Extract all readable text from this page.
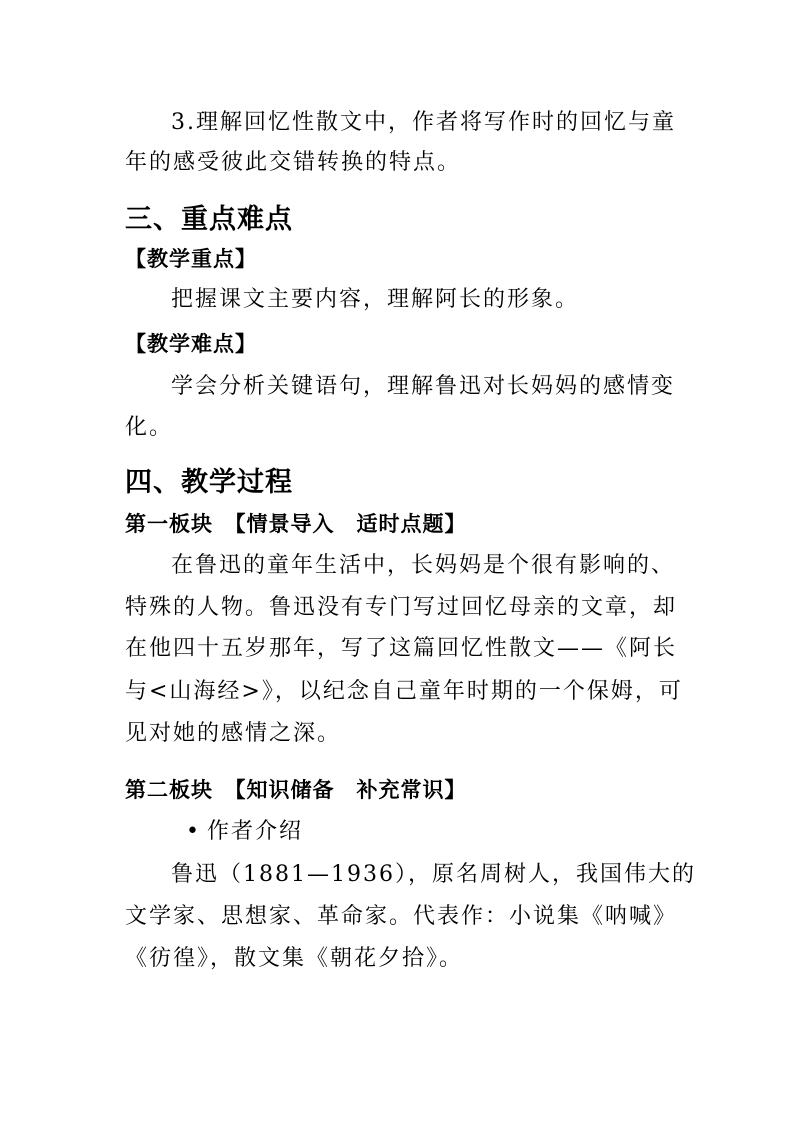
3.理解回忆性散文中，作者将写作时的回忆与童
年的感受彼此交错转换的特点。
三、重点难点
【教学重点】
把握课文主要内容，理解阿长的形象。
【教学难点】
学会分析关键语句，理解鲁迅对长妈妈的感情变
化。
四、教学过程
第一板块　【情景导入　适时点题】
在鲁迅的童年生活中，长妈妈是个很有影响的、
特殊的人物。鲁迅没有专门写过回忆母亲的文章，却
在他四十五岁那年，写了这篇回忆性散文——《阿长
与<山海经>》，以纪念自己童年时期的一个保姆，可
见对她的感情之深。
第二板块　【知识储备　补充常识】
• 作者介绍
鲁迅（1881—1936），原名周树人，我国伟大的
文学家、思想家、革命家。代表作：小说集《呐喊》
《彷徨》，散文集《朝花夕拾》。
